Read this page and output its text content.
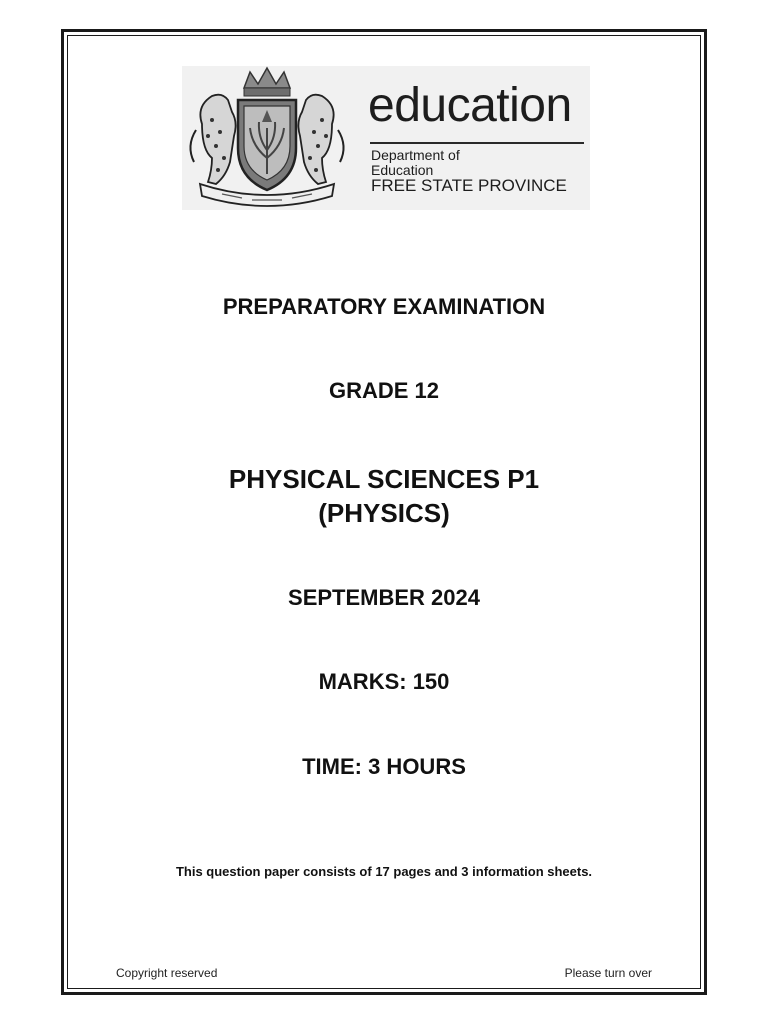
education
Department of
Education
FREE STATE PROVINCE
PREPARATORY EXAMINATION
GRADE 12
PHYSICAL SCIENCES P1
(PHYSICS)
SEPTEMBER 2024
MARKS: 150
TIME: 3 HOURS
This question paper consists of 17 pages and 3 information sheets.
Copyright reserved	Please turn over
